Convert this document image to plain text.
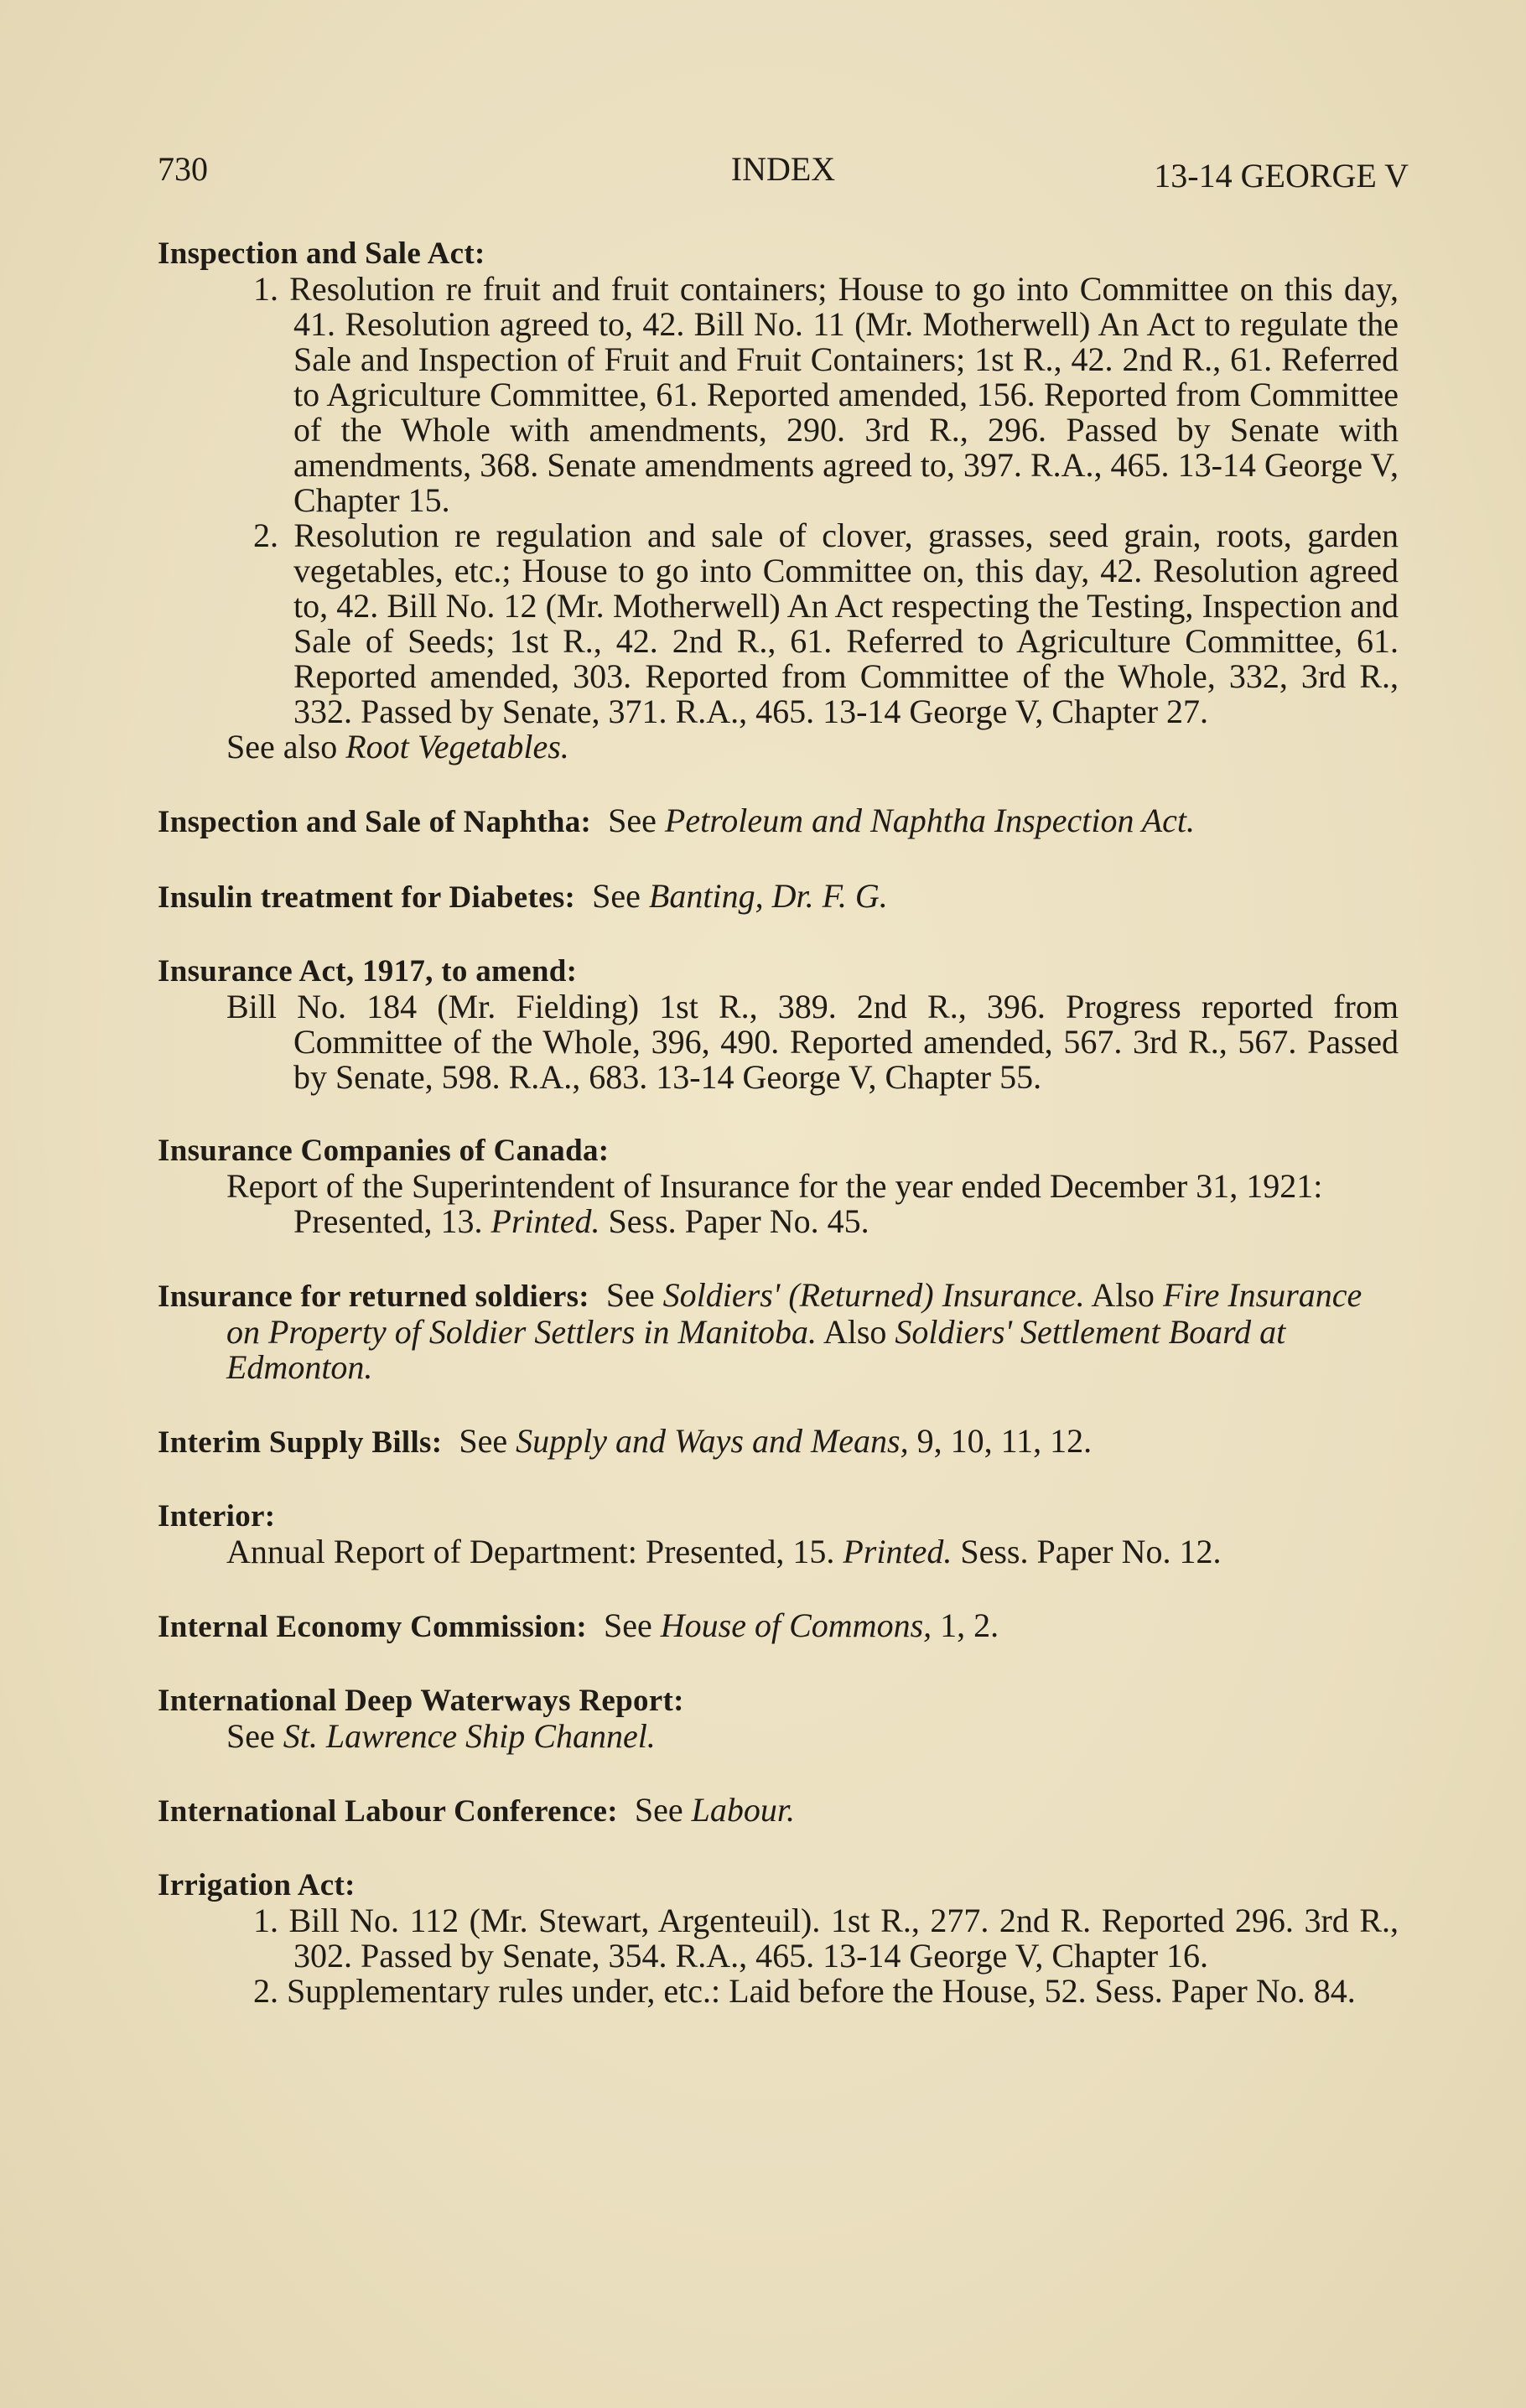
730	INDEX	13-14 GEORGE V
Inspection and Sale Act:
1. Resolution re fruit and fruit containers; House to go into Committee on this day, 41. Resolution agreed to, 42. Bill No. 11 (Mr. Motherwell) An Act to regulate the Sale and Inspection of Fruit and Fruit Containers; 1st R., 42. 2nd R., 61. Referred to Agriculture Committee, 61. Reported amended, 156. Reported from Committee of the Whole with amendments, 290. 3rd R., 296. Passed by Senate with amendments, 368. Senate amendments agreed to, 397. R.A., 465. 13-14 George V, Chapter 15.
2. Resolution re regulation and sale of clover, grasses, seed grain, roots, garden vegetables, etc.; House to go into Committee on, this day, 42. Resolution agreed to, 42. Bill No. 12 (Mr. Motherwell) An Act respecting the Testing, Inspection and Sale of Seeds; 1st R., 42. 2nd R., 61. Referred to Agriculture Committee, 61. Reported amended, 303. Reported from Committee of the Whole, 332, 3rd R., 332. Passed by Senate, 371. R.A., 465. 13-14 George V, Chapter 27.
See also Root Vegetables.
Inspection and Sale of Naphtha: See Petroleum and Naphtha Inspection Act.
Insulin treatment for Diabetes: See Banting, Dr. F. G.
Insurance Act, 1917, to amend:
Bill No. 184 (Mr. Fielding) 1st R., 389. 2nd R., 396. Progress reported from Committee of the Whole, 396, 490. Reported amended, 567. 3rd R., 567. Passed by Senate, 598. R.A., 683. 13-14 George V, Chapter 55.
Insurance Companies of Canada:
Report of the Superintendent of Insurance for the year ended December 31, 1921: Presented, 13. Printed. Sess. Paper No. 45.
Insurance for returned soldiers: See Soldiers' (Returned) Insurance. Also Fire Insurance on Property of Soldier Settlers in Manitoba. Also Soldiers' Settlement Board at Edmonton.
Interim Supply Bills: See Supply and Ways and Means, 9, 10, 11, 12.
Interior:
Annual Report of Department: Presented, 15. Printed. Sess. Paper No. 12.
Internal Economy Commission: See House of Commons, 1, 2.
International Deep Waterways Report:
See St. Lawrence Ship Channel.
International Labour Conference: See Labour.
Irrigation Act:
1. Bill No. 112 (Mr. Stewart, Argenteuil). 1st R., 277. 2nd R. Reported 296. 3rd R., 302. Passed by Senate, 354. R.A., 465. 13-14 George V, Chapter 16.
2. Supplementary rules under, etc.: Laid before the House, 52. Sess. Paper No. 84.
